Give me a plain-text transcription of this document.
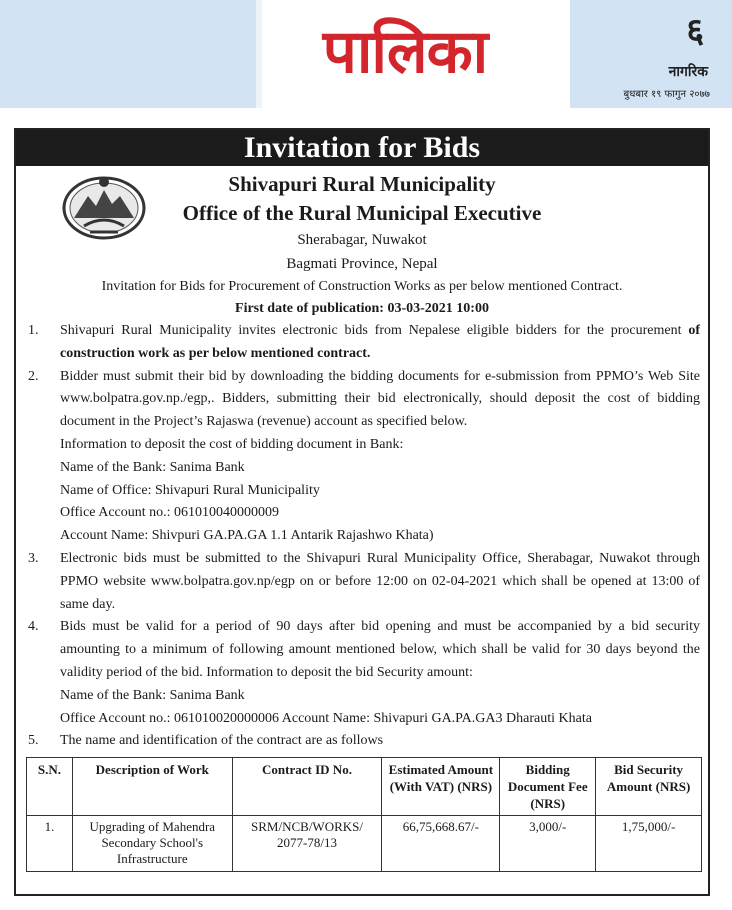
पालिका	६
नागरिक
बुधबार १९ फागुन २०७७
Invitation for Bids
Shivapuri Rural Municipality
Office of the Rural Municipal Executive
Sherabagar, Nuwakot
Bagmati Province, Nepal
Invitation for Bids for Procurement of Construction Works as per below mentioned Contract.
First date of publication: 03-03-2021 10:00
1.	Shivapuri Rural Municipality invites electronic bids from Nepalese eligible bidders for the procurement of construction work as per below mentioned contract.
2.	Bidder must submit their bid by downloading the bidding documents for e-submission from PPMO’s Web Site www.bolpatra.gov.np./egp,. Bidders, submitting their bid electronically, should deposit the cost of bidding document in the Project’s Rajaswa (revenue) account as specified below.
Information to deposit the cost of bidding document in Bank:
Name of the Bank: Sanima Bank
Name of Office: Shivapuri Rural Municipality
Office Account no.: 061010040000009
Account Name: Shivpuri GA.PA.GA 1.1 Antarik Rajashwo Khata)
3.	Electronic bids must be submitted to the Shivapuri Rural Municipality Office, Sherabagar, Nuwakot through PPMO website www.bolpatra.gov.np/egp on or before 12:00 on 02-04-2021 which shall be opened at 13:00 of same day.
4.	Bids must be valid for a period of 90 days after bid opening and must be accompanied by a bid security amounting to a minimum of following amount mentioned below, which shall be valid for 30 days beyond the validity period of the bid. Information to deposit the bid Security amount:
Name of the Bank: Sanima Bank
Office Account no.: 061010020000006 Account Name: Shivapuri GA.PA.GA3 Dharauti Khata
5.	The name and identification of the contract are as follows
S.N.	Description of Work	Contract ID No.	Estimated Amount (With VAT) (NRS)	Bidding Document Fee (NRS)	Bid Security Amount (NRS)
1.	Upgrading of Mahendra Secondary School's Infrastructure	SRM/NCB/WORKS/ 2077-78/13	66,75,668.67/-	3,000/-	1,75,000/-
